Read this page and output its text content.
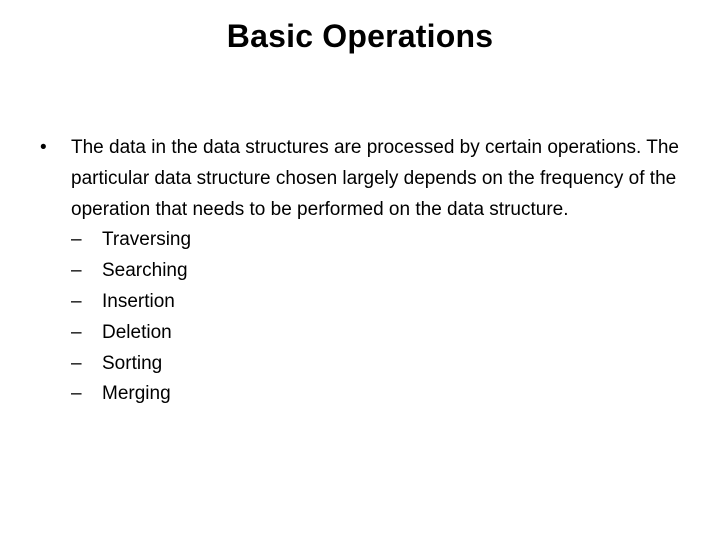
Basic Operations
• The data in the data structures are processed by certain operations. The particular data structure chosen largely depends on the frequency of the operation that needs to be performed on the data structure.
– Traversing
– Searching
– Insertion
– Deletion
– Sorting
– Merging
